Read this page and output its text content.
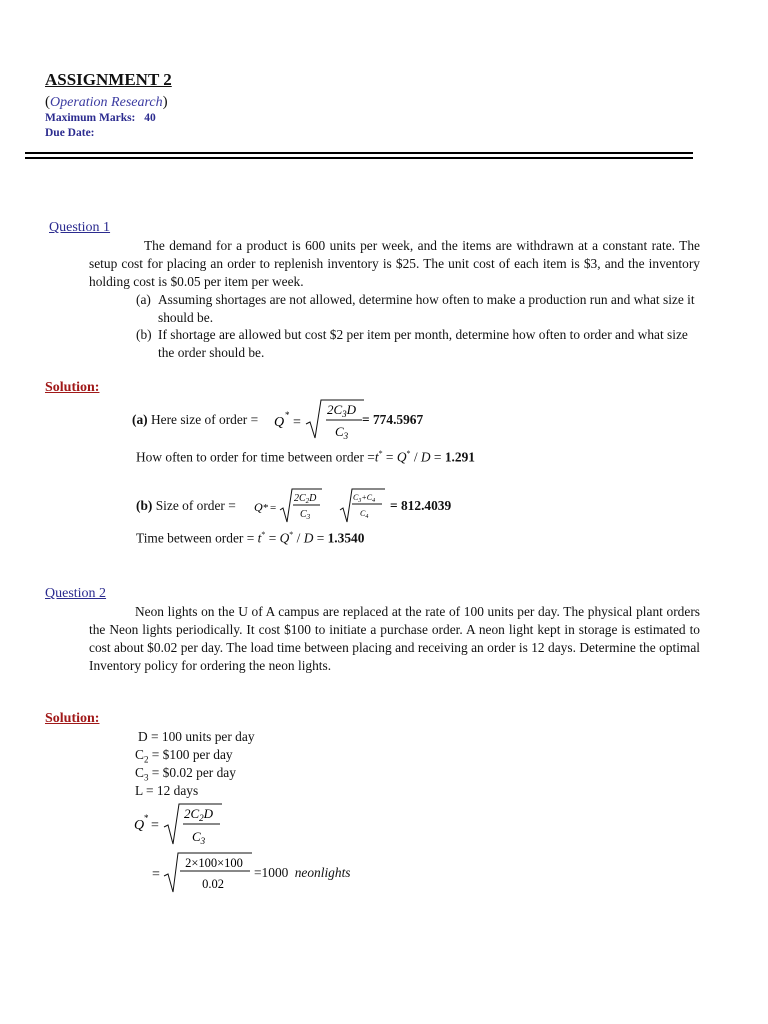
ASSIGNMENT 2
(Operation Research)
Maximum Marks: 40
Due Date:
Question 1
The demand for a product is 600 units per week, and the items are withdrawn at a constant rate. The setup cost for placing an order to replenish inventory is $25. The unit cost of each item is $3, and the inventory holding cost is $0.05 per item per week.
(a) Assuming shortages are not allowed, determine how often to make a production run and what size it should be.
(b) If shortage are allowed but cost $2 per item per month, determine how often to order and what size the order should be.
Solution:
(a) Here size of order = Q * =
$2C_3D$
$C_3$
= 774.5967
How often to order for time between order =t* = Q* / D = 1.291
(b) Size of order = Q * =
$2C_2D$
$C_3$
$C_3+C_4$
$C_4$
= 812.4039
Time between order = t* = Q* / D = 1.3540
Question 2
Neon lights on the U of A campus are replaced at the rate of 100 units per day. The physical plant orders the Neon lights periodically. It cost $100 to initiate a purchase order. A neon light kept in storage is estimated to cost about $0.02 per day. The load time between placing and receiving an order is 12 days. Determine the optimal Inventory policy for ordering the neon lights.
Solution:
D = 100 units per day
$C_2$ = $100 per day
$C_3$ = $0.02 per day
L = 12 days
Q * =
$2C_2D$
$C_3$
=
2×100×100
0.02
=1000 neonlights
